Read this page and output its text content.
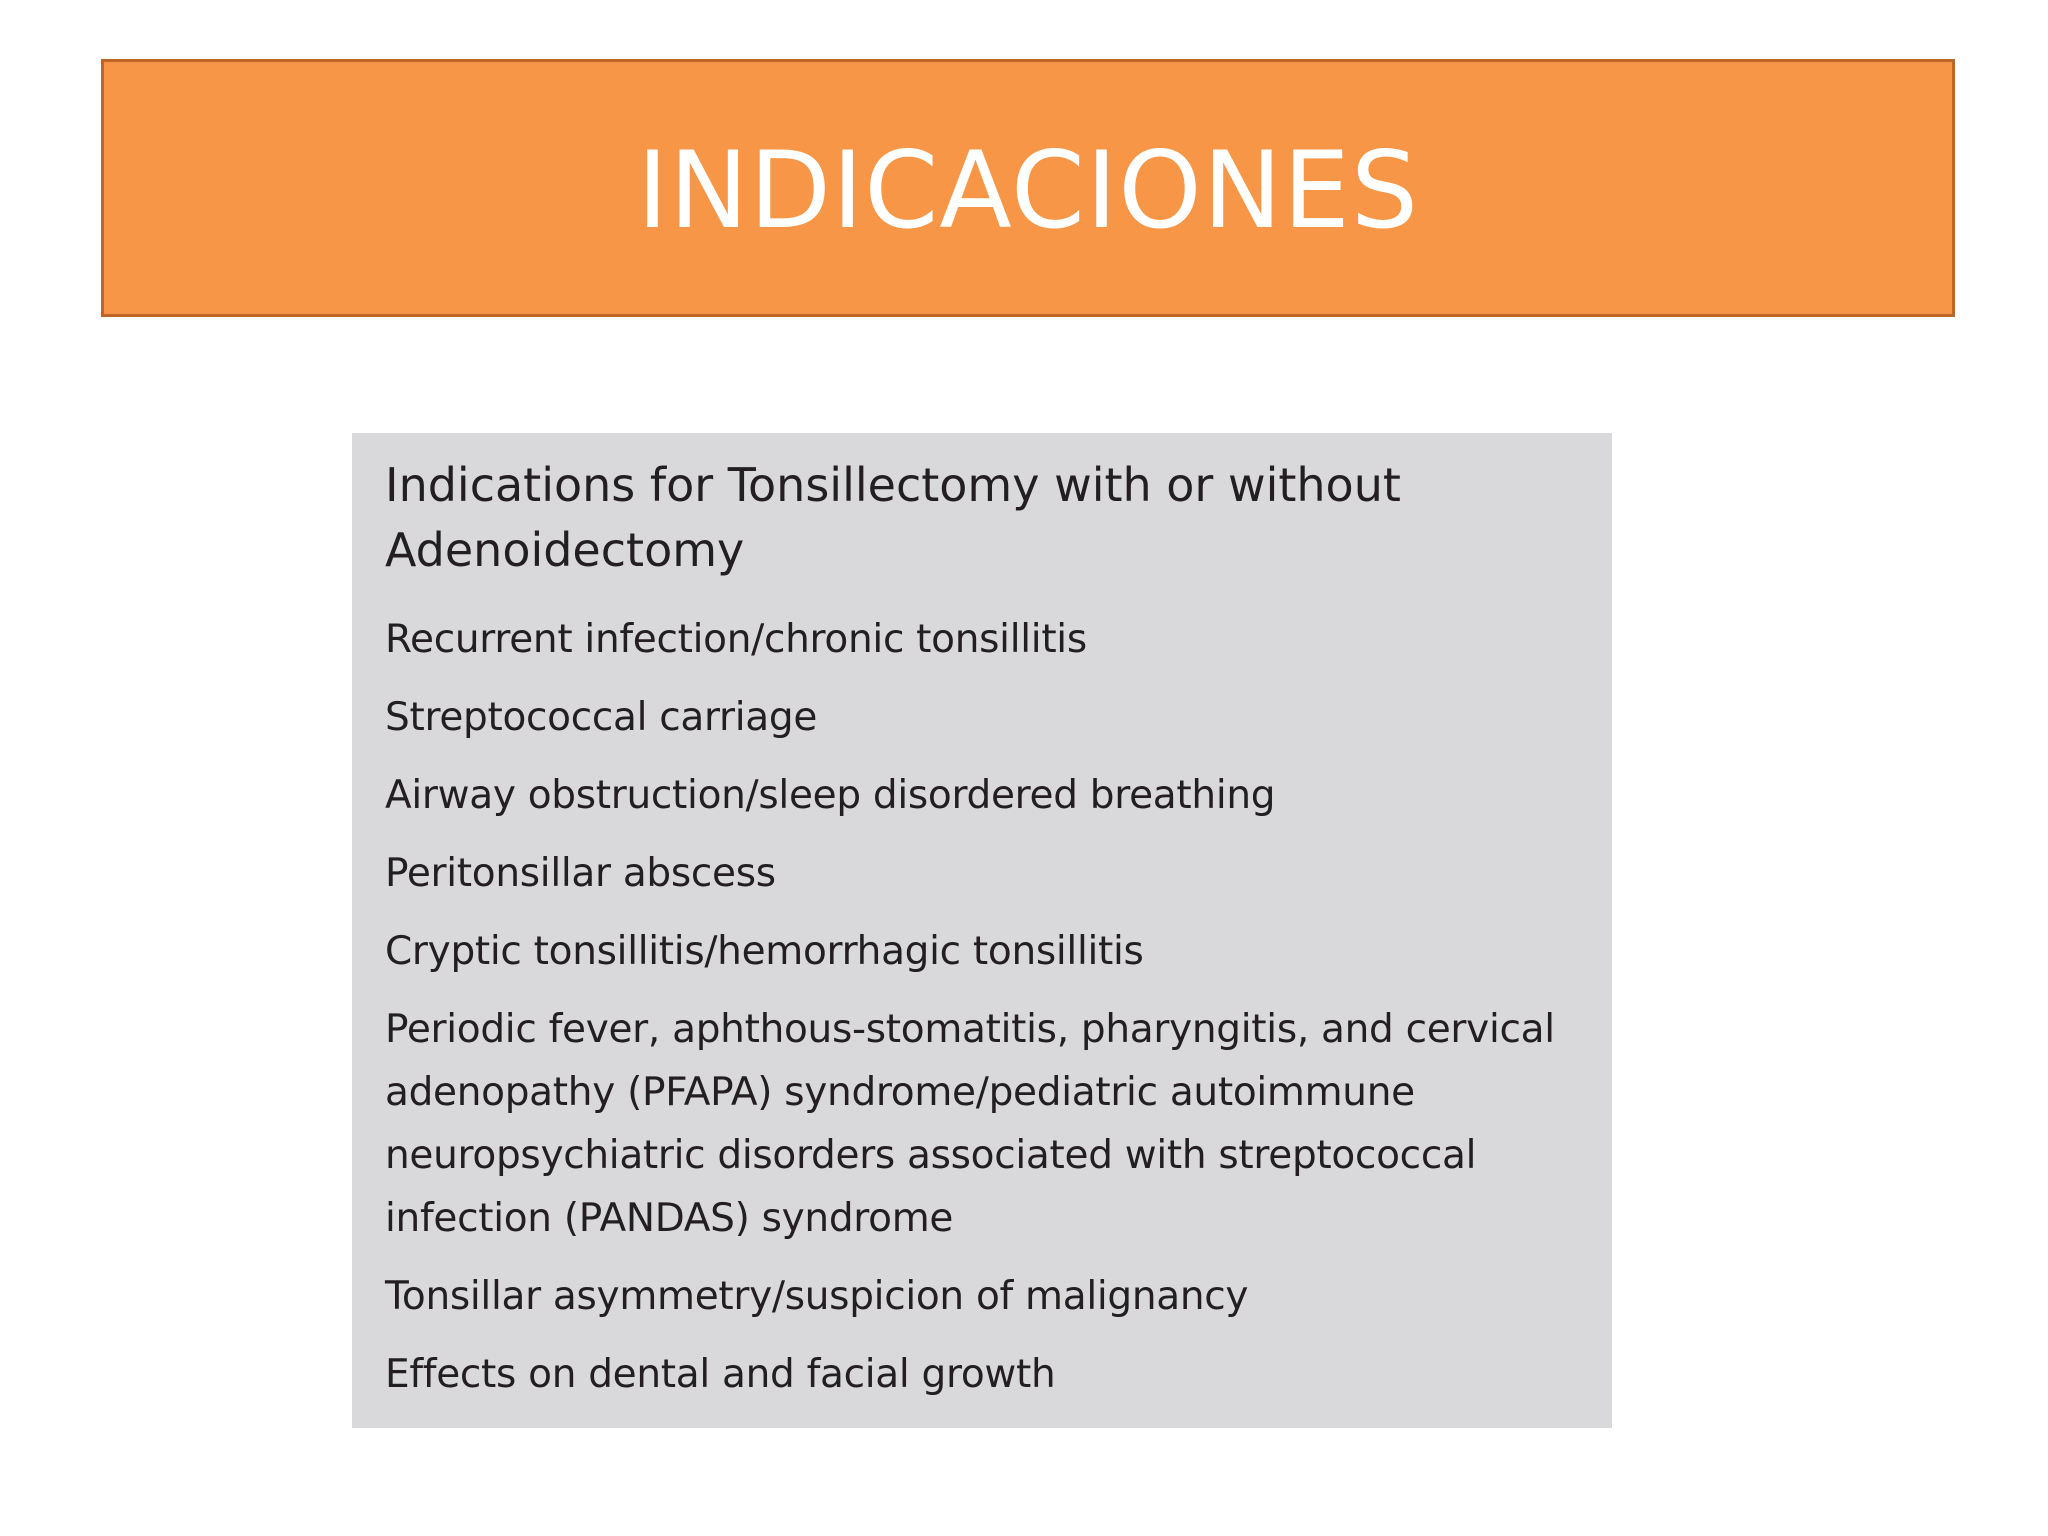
INDICACIONES
Indications for Tonsillectomy with or without Adenoidectomy
Recurrent infection/chronic tonsillitis
Streptococcal carriage
Airway obstruction/sleep disordered breathing
Peritonsillar abscess
Cryptic tonsillitis/hemorrhagic tonsillitis
Periodic fever, aphthous-stomatitis, pharyngitis, and cervical adenopathy (PFAPA) syndrome/pediatric autoimmune neuropsychiatric disorders associated with streptococcal infection (PANDAS) syndrome
Tonsillar asymmetry/suspicion of malignancy
Effects on dental and facial growth
